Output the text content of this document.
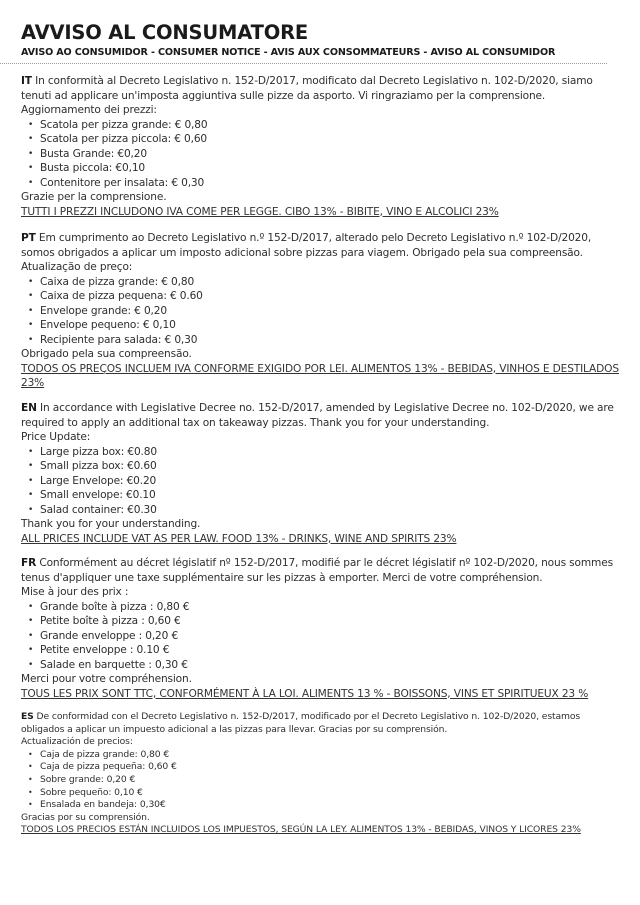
AVVISO AL CONSUMATORE

AVISO AO CONSUMIDOR - CONSUMER NOTICE - AVIS AUX CONSOMMATEURS - AVISO AL CONSUMIDOR

IT In conformità al Decreto Legislativo n. 152-D/2017, modificato dal Decreto Legislativo n. 102-D/2020, siamo tenuti ad applicare un'imposta aggiuntiva sulle pizze da asporto. Vi ringraziamo per la comprensione.

Aggiornamento dei prezzi:

• Scatola per pizza grande: € 0,80
• Scatola per pizza piccola: € 0,60
• Busta Grande: €0,20
• Busta piccola: €0,10
• Contenitore per insalata: € 0,30

Grazie per la comprensione.

TUTTI I PREZZI INCLUDONO IVA COME PER LEGGE. CIBO 13% - BIBITE, VINO E ALCOLICI 23%

PT Em cumprimento ao Decreto Legislativo n.º 152-D/2017, alterado pelo Decreto Legislativo n.º 102-D/2020, somos obrigados a aplicar um imposto adicional sobre pizzas para viagem. Obrigado pela sua compreensão.

Atualização de preço:

• Caixa de pizza grande: € 0,80
• Caixa de pizza pequena: € 0.60
• Envelope grande: € 0,20
• Envelope pequeno: € 0,10
• Recipiente para salada: € 0,30

Obrigado pela sua compreensão.

TODOS OS PREÇOS INCLUEM IVA CONFORME EXIGIDO POR LEI. ALIMENTOS 13% - BEBIDAS, VINHOS E DESTILADOS 23%

EN In accordance with Legislative Decree no. 152-D/2017, amended by Legislative Decree no. 102-D/2020, we are required to apply an additional tax on takeaway pizzas. Thank you for your understanding.

Price Update:

• Large pizza box: €0.80
• Small pizza box: €0.60
• Large Envelope: €0.20
• Small envelope: €0.10
• Salad container: €0.30

Thank you for your understanding.

ALL PRICES INCLUDE VAT AS PER LAW. FOOD 13% - DRINKS, WINE AND SPIRITS 23%

FR Conformément au décret législatif nº 152-D/2017, modifié par le décret législatif nº 102-D/2020, nous sommes tenus d'appliquer une taxe supplémentaire sur les pizzas à emporter. Merci de votre compréhension.

Mise à jour des prix :

• Grande boîte à pizza : 0,80 €
• Petite boîte à pizza : 0,60 €
• Grande enveloppe : 0,20 €
• Petite enveloppe : 0.10 €
• Salade en barquette : 0,30 €

Merci pour votre compréhension.

TOUS LES PRIX SONT TTC, CONFORMÉMENT À LA LOI. ALIMENTS 13 % - BOISSONS, VINS ET SPIRITUEUX 23 %

ES De conformidad con el Decreto Legislativo n. 152-D/2017, modificado por el Decreto Legislativo n. 102-D/2020, estamos obligados a aplicar un impuesto adicional a las pizzas para llevar. Gracias por su comprensión.

Actualización de precios:

• Caja de pizza grande: 0,80 €
• Caja de pizza pequeña: 0,60 €
• Sobre grande: 0,20 €
• Sobre pequeño: 0,10 €
• Ensalada en bandeja: 0,30€

Gracias por su comprensión.

TODOS LOS PRECIOS ESTÁN INCLUIDOS LOS IMPUESTOS, SEGÚN LA LEY. ALIMENTOS 13% - BEBIDAS, VINOS Y LICORES 23%
